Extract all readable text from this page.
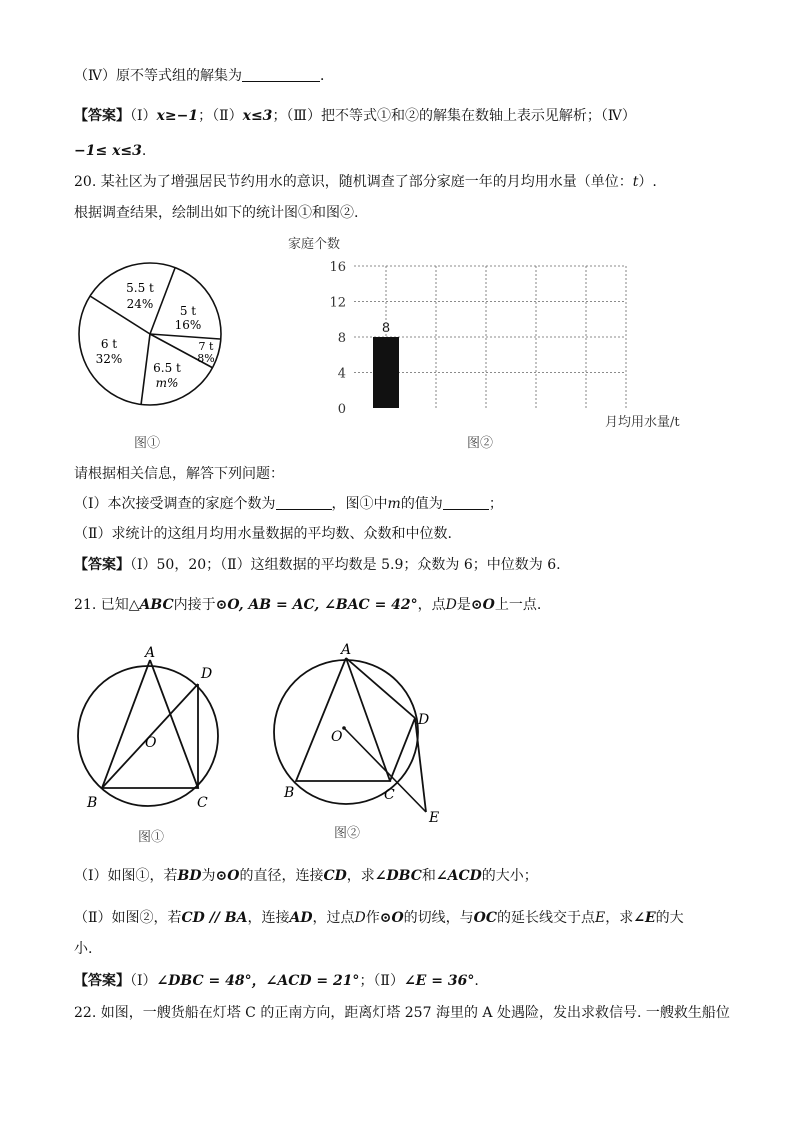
（Ⅳ）原不等式组的解集为	．
【答案】（Ⅰ）x≥−1；（Ⅱ）x≤3；（Ⅲ）把不等式①和②的解集在数轴上表示见解析；（Ⅳ）
−1≤ x≤3.
20. 某社区为了增强居民节约用水的意识，随机调查了部分家庭一年的月均用水量（单位：t）.
根据调查结果，绘制出如下的统计图①和图②.
5.5 t
24% 5 t
16%
7 t
8%
6.5 t
m%
6 t
32%
图①
8
0
4
8
12
16
家庭个数
月均用水量/t
图②
请根据相关信息，解答下列问题：
（Ⅰ）本次接受调查的家庭个数为	，图①中m的值为	；
（Ⅱ）求统计的这组月均用水量数据的平均数、众数和中位数.
【答案】（Ⅰ）50，20；（Ⅱ）这组数据的平均数是 5.9；众数为 6；中位数为 6.
21. 已知△ABC内接于⊙O, AB = AC, ∠BAC = 42°，点D是⊙O上一点.
A
D
O
B	C
图①
A
D
O
B	C
E
图②
（Ⅰ）如图①，若BD为⊙O的直径，连接CD，求∠DBC和∠ACD的大小；
（Ⅱ）如图②，若CD // BA，连接AD，过点D作⊙O的切线，与OC的延长线交于点E，求∠E的大
小.
【答案】（Ⅰ）∠DBC = 48°，∠ACD = 21°；（Ⅱ）∠E = 36°.
22. 如图，一艘货船在灯塔 C 的正南方向，距离灯塔 257 海里的 A 处遇险，发出求救信号. 一艘救生船位
